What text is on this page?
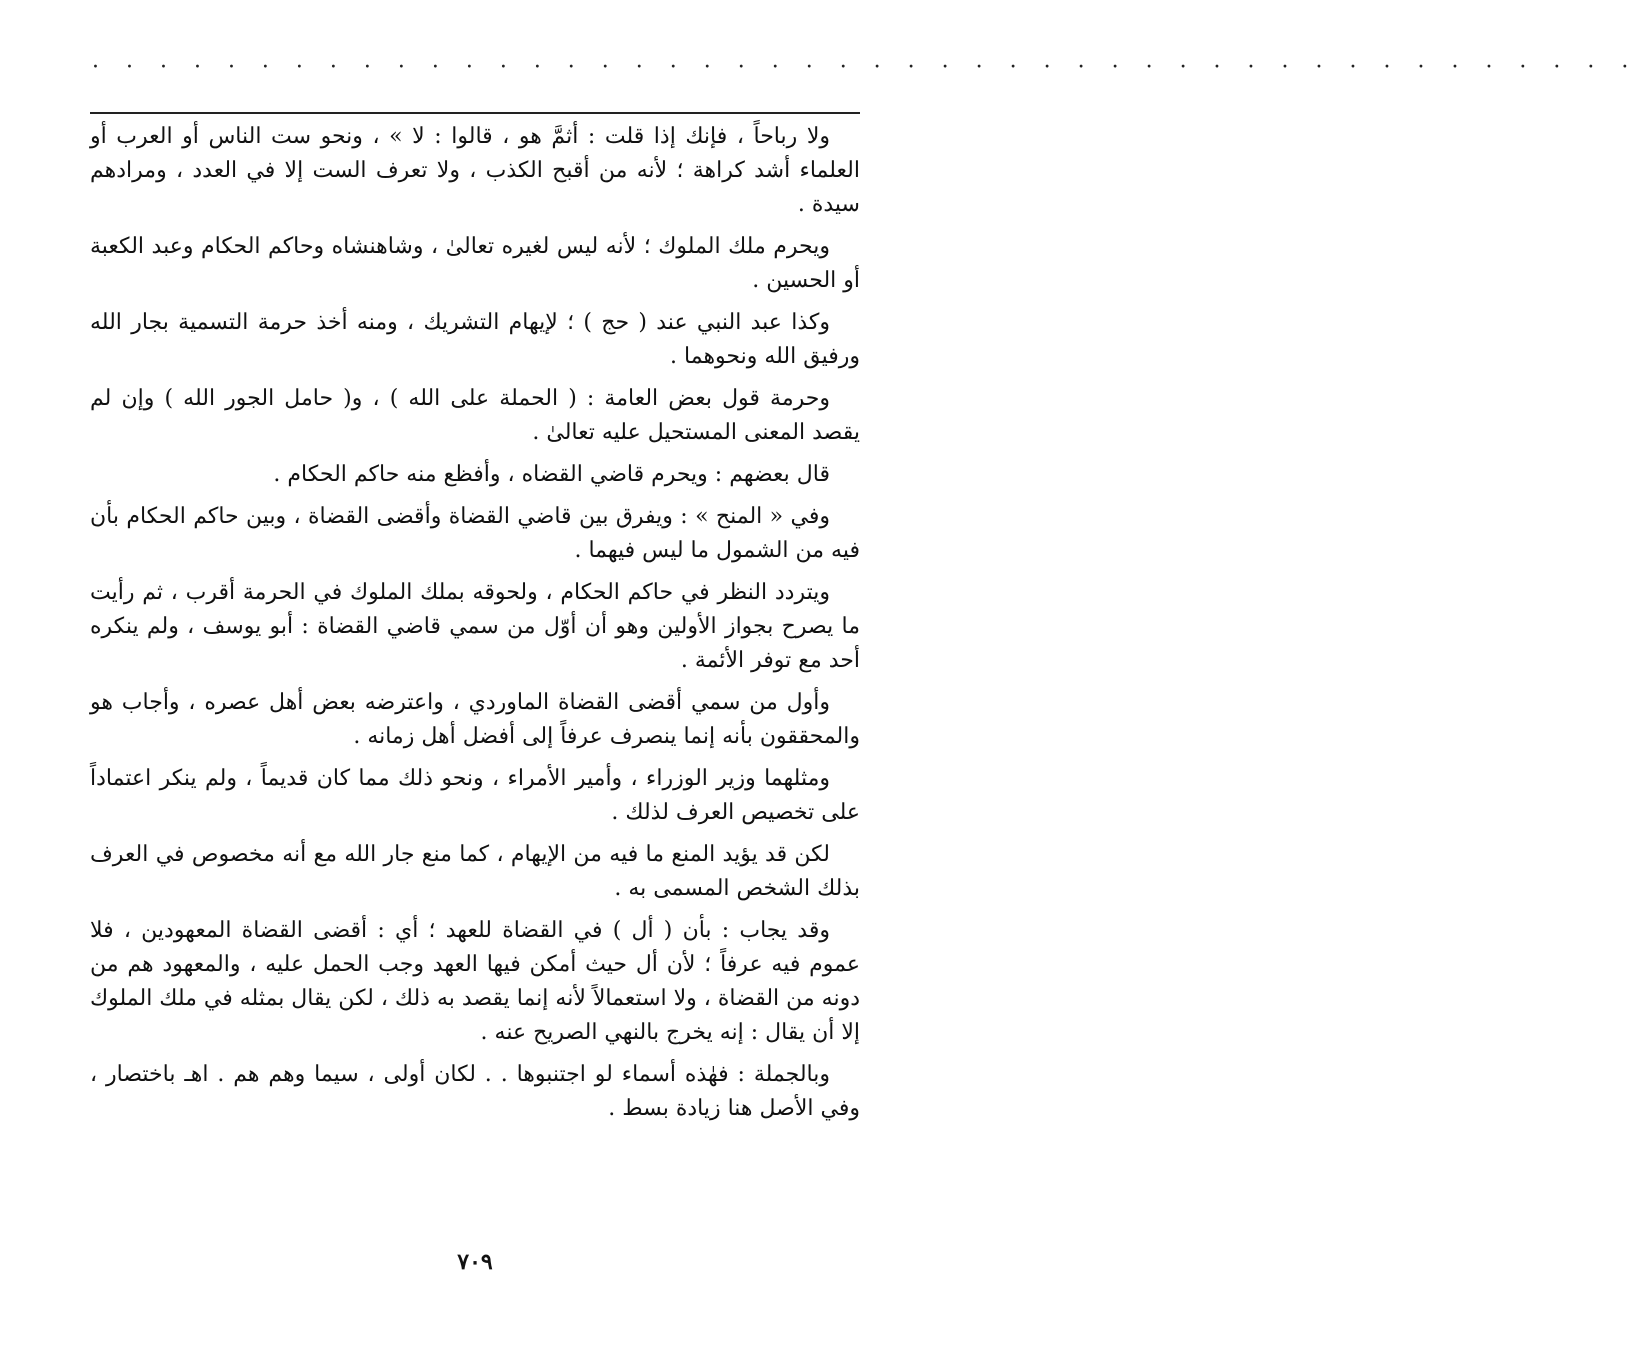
· · · · · · · · · · · · · · · · · · · · · · · · · · · · · · · · · · · · · · · · · · · · · ·

ولا رباحاً ، فإنك إذا قلت : أثمَّ هو ، قالوا : لا » ، ونحو ست الناس أو العرب أو العلماء أشد كراهة ؛ لأنه من أقبح الكذب ، ولا تعرف الست إلا في العدد ، ومرادهم سيدة .

ويحرم ملك الملوك ؛ لأنه ليس لغيره تعالىٰ ، وشاهنشاه وحاكم الحكام وعبد الكعبة أو الحسين .

وكذا عبد النبي عند ( حج ) ؛ لإيهام التشريك ، ومنه أخذ حرمة التسمية بجار الله ورفيق الله ونحوهما .

وحرمة قول بعض العامة : ( الحملة على الله ) ، و( حامل الجور الله ) وإن لم يقصد المعنى المستحيل عليه تعالىٰ .

قال بعضهم : ويحرم قاضي القضاه ، وأفظع منه حاكم الحكام .

وفي « المنح » : ويفرق بين قاضي القضاة وأقضى القضاة ، وبين حاكم الحكام بأن فيه من الشمول ما ليس فيهما .

ويتردد النظر في حاكم الحكام ، ولحوقه بملك الملوك في الحرمة أقرب ، ثم رأيت ما يصرح بجواز الأولين وهو أن أوّل من سمي قاضي القضاة : أبو يوسف ، ولم ينكره أحد مع توفر الأئمة .

وأول من سمي أقضى القضاة الماوردي ، واعترضه بعض أهل عصره ، وأجاب هو والمحققون بأنه إنما ينصرف عرفاً إلى أفضل أهل زمانه .

ومثلهما وزير الوزراء ، وأمير الأمراء ، ونحو ذلك مما كان قديماً ، ولم ينكر اعتماداً على تخصيص العرف لذلك .

لكن قد يؤيد المنع ما فيه من الإيهام ، كما منع جار الله مع أنه مخصوص في العرف بذلك الشخص المسمى به .

وقد يجاب : بأن ( أل ) في القضاة للعهد ؛ أي : أقضى القضاة المعهودين ، فلا عموم فيه عرفاً ؛ لأن أل حيث أمكن فيها العهد وجب الحمل عليه ، والمعهود هم من دونه من القضاة ، ولا استعمالاً لأنه إنما يقصد به ذلك ، لكن يقال بمثله في ملك الملوك إلا أن يقال : إنه يخرج بالنهي الصريح عنه .

وبالجملة : فهٰذه أسماء لو اجتنبوها . . لكان أولى ، سيما وهم هم . اهـ باختصار ، وفي الأصل هنا زيادة بسط .

٧٠٩
